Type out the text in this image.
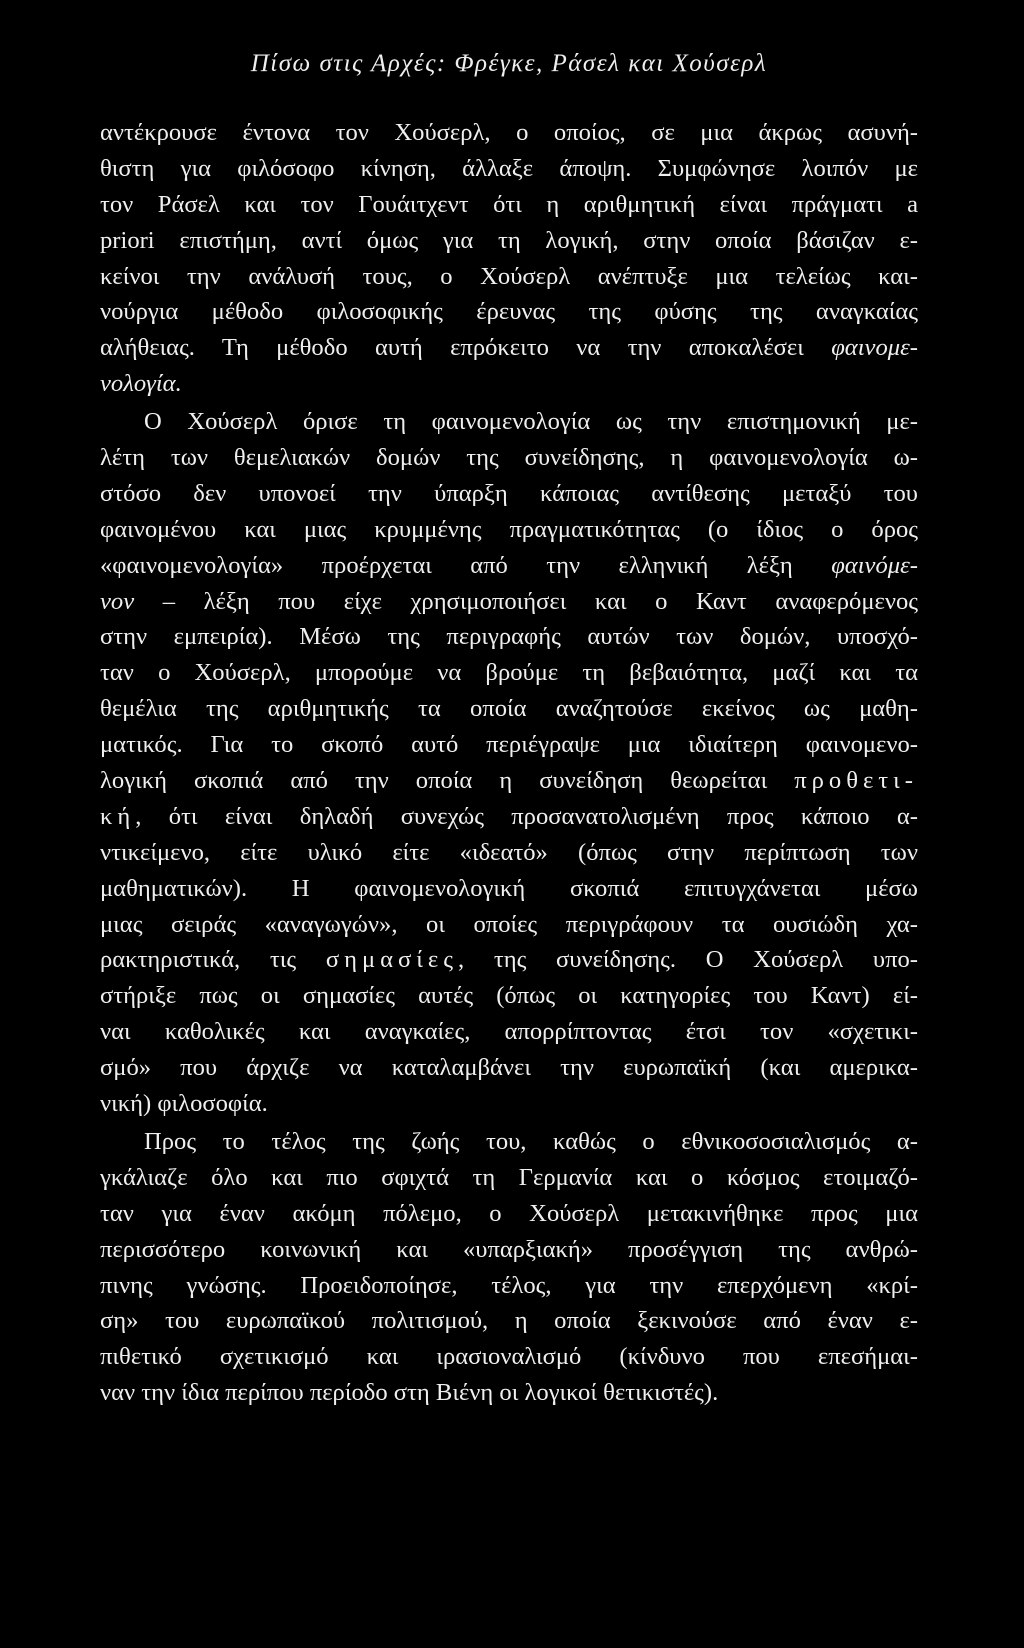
Πίσω στις Αρχές: Φρέγκε, Ράσελ και Χούσερλ
αντέκρουσε έντονα τον Χούσερλ, ο οποίος, σε μια άκρως ασυνή-
θιστη για φιλόσοφο κίνηση, άλλαξε άποψη. Συμφώνησε λοιπόν με
τον Ράσελ και τον Γουάιτχεντ ότι η αριθμητική είναι πράγματι a
priori επιστήμη, αντί όμως για τη λογική, στην οποία βάσιζαν ε-
κείνοι την ανάλυσή τους, ο Χούσερλ ανέπτυξε μια τελείως και-
νούργια μέθοδο φιλοσοφικής έρευνας της φύσης της αναγκαίας
αλήθειας. Τη μέθοδο αυτή επρόκειτο να την αποκαλέσει φαινομε-
νολογία.
Ο Χούσερλ όρισε τη φαινομενολογία ως την επιστημονική με-
λέτη των θεμελιακών δομών της συνείδησης, η φαινομενολογία ω-
στόσο δεν υπονοεί την ύπαρξη κάποιας αντίθεσης μεταξύ του
φαινομένου και μιας κρυμμένης πραγματικότητας (ο ίδιος ο όρος
«φαινομενολογία» προέρχεται από την ελληνική λέξη φαινόμε-
νον – λέξη που είχε χρησιμοποιήσει και ο Καντ αναφερόμενος
στην εμπειρία). Μέσω της περιγραφής αυτών των δομών, υποσχό-
ταν ο Χούσερλ, μπορούμε να βρούμε τη βεβαιότητα, μαζί και τα
θεμέλια της αριθμητικής τα οποία αναζητούσε εκείνος ως μαθη-
ματικός. Για το σκοπό αυτό περιέγραψε μια ιδιαίτερη φαινομενο-
λογική σκοπιά από την οποία η συνείδηση θεωρείται προθετι-
κή, ότι είναι δηλαδή συνεχώς προσανατολισμένη προς κάποιο α-
ντικείμενο, είτε υλικό είτε «ιδεατό» (όπως στην περίπτωση των
μαθηματικών). Η φαινομενολογική σκοπιά επιτυγχάνεται μέσω
μιας σειράς «αναγωγών», οι οποίες περιγράφουν τα ουσιώδη χα-
ρακτηριστικά, τις σημασίες, της συνείδησης. Ο Χούσερλ υπο-
στήριξε πως οι σημασίες αυτές (όπως οι κατηγορίες του Καντ) εί-
ναι καθολικές και αναγκαίες, απορρίπτοντας έτσι τον «σχετικι-
σμό» που άρχιζε να καταλαμβάνει την ευρωπαϊκή (και αμερικα-
νική) φιλοσοφία.
Προς το τέλος της ζωής του, καθώς ο εθνικοσοσιαλισμός α-
γκάλιαζε όλο και πιο σφιχτά τη Γερμανία και ο κόσμος ετοιμαζό-
ταν για έναν ακόμη πόλεμο, ο Χούσερλ μετακινήθηκε προς μια
περισσότερο κοινωνική και «υπαρξιακή» προσέγγιση της ανθρώ-
πινης γνώσης. Προειδοποίησε, τέλος, για την επερχόμενη «κρί-
ση» του ευρωπαϊκού πολιτισμού, η οποία ξεκινούσε από έναν ε-
πιθετικό σχετικισμό και ιρασιοναλισμό (κίνδυνο που επεσήμαι-
ναν την ίδια περίπου περίοδο στη Βιένη οι λογικοί θετικιστές).
